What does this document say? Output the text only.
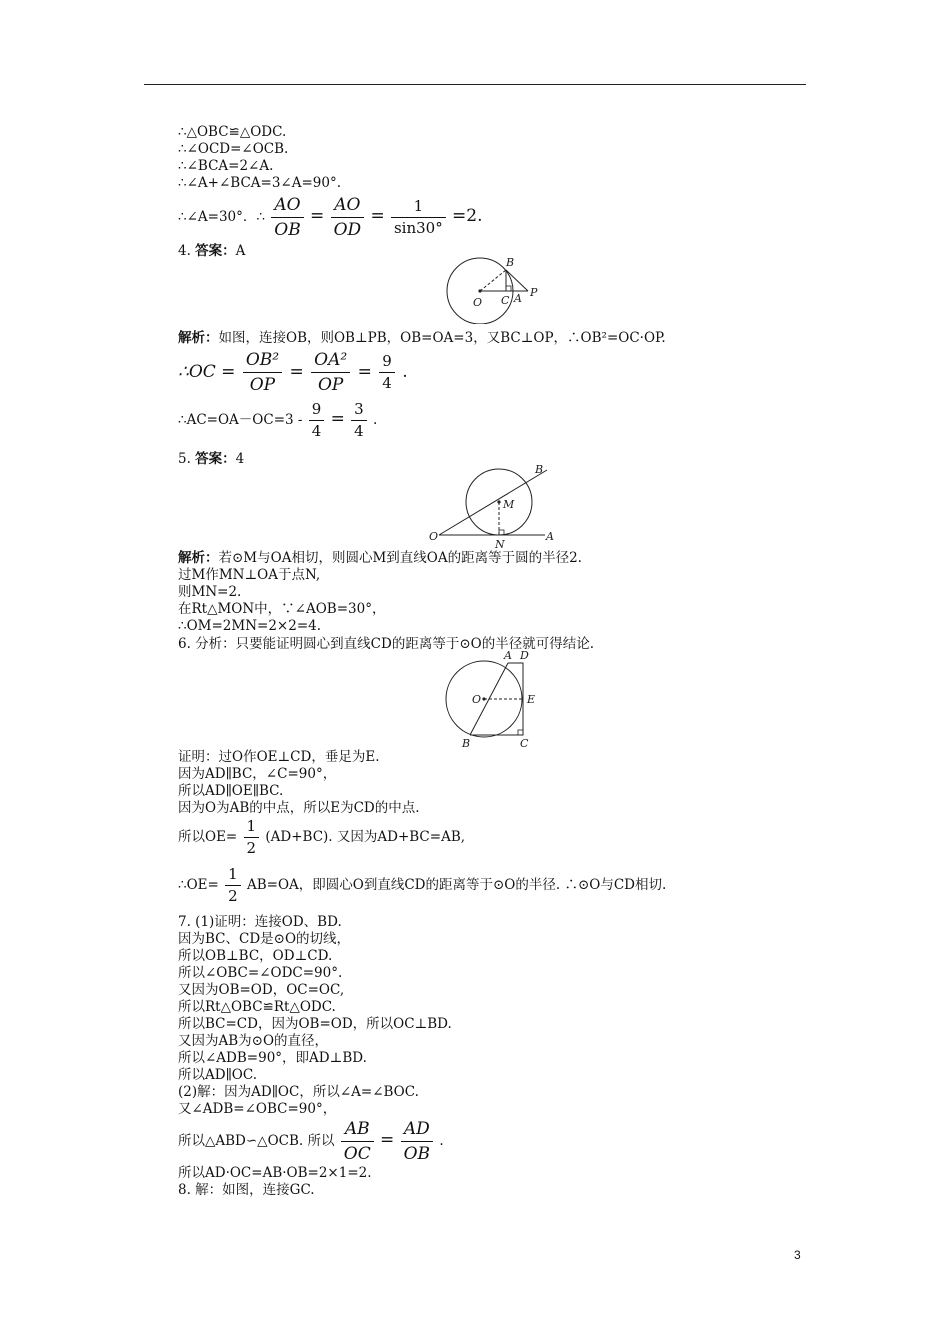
∴△OBC≌△ODC.
∴∠OCD=∠OCB.
∴∠BCA=2∠A.
∴∠A+∠BCA=3∠A=90°.
∴∠A=30°．∴ $\frac{AO}{OB} = \frac{AO}{OD} = \frac{1}{\sin 30^\circ} =2$.
4. 答案：A
O
B
C A P
解析：如图，连接OB，则OB⊥PB，OB=OA=3，又BC⊥OP，∴OB²=OC·OP.
∴OC = $\frac{\text{OB²}}{OP} = \frac{\text{OA²}}{OP} = \frac{9}{4}$ .
∴AC=OA－OC=3 - $\frac{9}{4} = \frac{3}{4}$ .
5. 答案：4
O
M
N
A
B
解析：若⊙M与OA相切，则圆心M到直线OA的距离等于圆的半径2.
过M作MN⊥OA于点N,
则MN=2.
在Rt△MON中，∵∠AOB=30°，
∴OM=2MN=2×2=4.
6. 分析：只要能证明圆心到直线CD的距离等于⊙O的半径就可得结论.
O
A D
E
B	C
证明：过O作OE⊥CD，垂足为E.
因为AD∥BC，∠C=90°，
所以AD∥OE∥BC.
因为O为AB的中点，所以E为CD的中点.
所以$OE= \frac{1}{2} (AD+BC)$. 又因为AD+BC=AB,
∴OE= $\frac{1}{2} AB=OA$，即圆心O到直线CD的距离等于⊙O的半径. ∴⊙O与CD相切.
7. (1)证明：连接OD、BD.
因为BC、CD是⊙O的切线，
所以OB⊥BC，OD⊥CD.
所以∠OBC=∠ODC=90°.
又因为OB=OD，OC=OC,
所以Rt△OBC≌Rt△ODC.
所以BC=CD，因为OB=OD，所以OC⊥BD.
又因为AB为⊙O的直径，
所以∠ADB=90°，即AD⊥BD.
所以AD∥OC.
(2)解：因为AD∥OC，所以∠A=∠BOC.
又∠ADB=∠OBC=90°，
所以△ABD∽△OCB. 所以 $\frac{AB}{OC} = \frac{AD}{OB}$ .
所以AD·OC=AB·OB=2×1=2.
8. 解：如图，连接GC.
3
